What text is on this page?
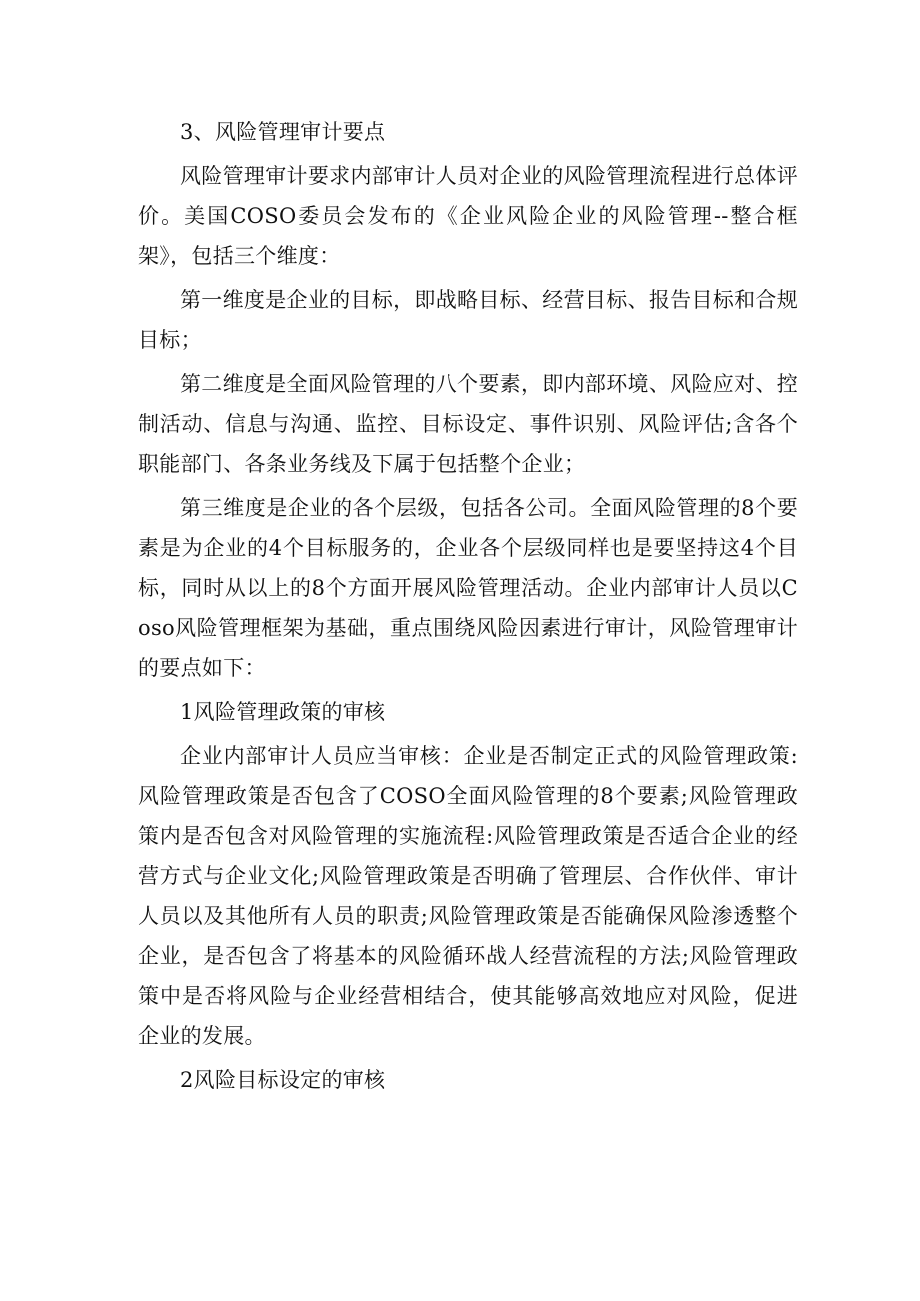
3、风险管理审计要点

风险管理审计要求内部审计人员对企业的风险管理流程进行总体评价。美国COSO委员会发布的《企业风险企业的风险管理--整合框架》，包括三个维度：

第一维度是企业的目标，即战略目标、经营目标、报告目标和合规目标；

第二维度是全面风险管理的八个要素，即内部环境、风险应对、控制活动、信息与沟通、监控、目标设定、事件识别、风险评估;含各个职能部门、各条业务线及下属于包括整个企业；

第三维度是企业的各个层级，包括各公司。全面风险管理的8个要素是为企业的4个目标服务的，企业各个层级同样也是要坚持这4个目标，同时从以上的8个方面开展风险管理活动。企业内部审计人员以Coso风险管理框架为基础，重点围绕风险因素进行审计，风险管理审计的要点如下：

1风险管理政策的审核

企业内部审计人员应当审核：企业是否制定正式的风险管理政策:风险管理政策是否包含了COSO全面风险管理的8个要素;风险管理政策内是否包含对风险管理的实施流程:风险管理政策是否适合企业的经营方式与企业文化;风险管理政策是否明确了管理层、合作伙伴、审计人员以及其他所有人员的职责;风险管理政策是否能确保风险渗透整个企业，是否包含了将基本的风险循环战人经营流程的方法;风险管理政策中是否将风险与企业经营相结合，使其能够高效地应对风险，促进企业的发展。

2风险目标设定的审核
